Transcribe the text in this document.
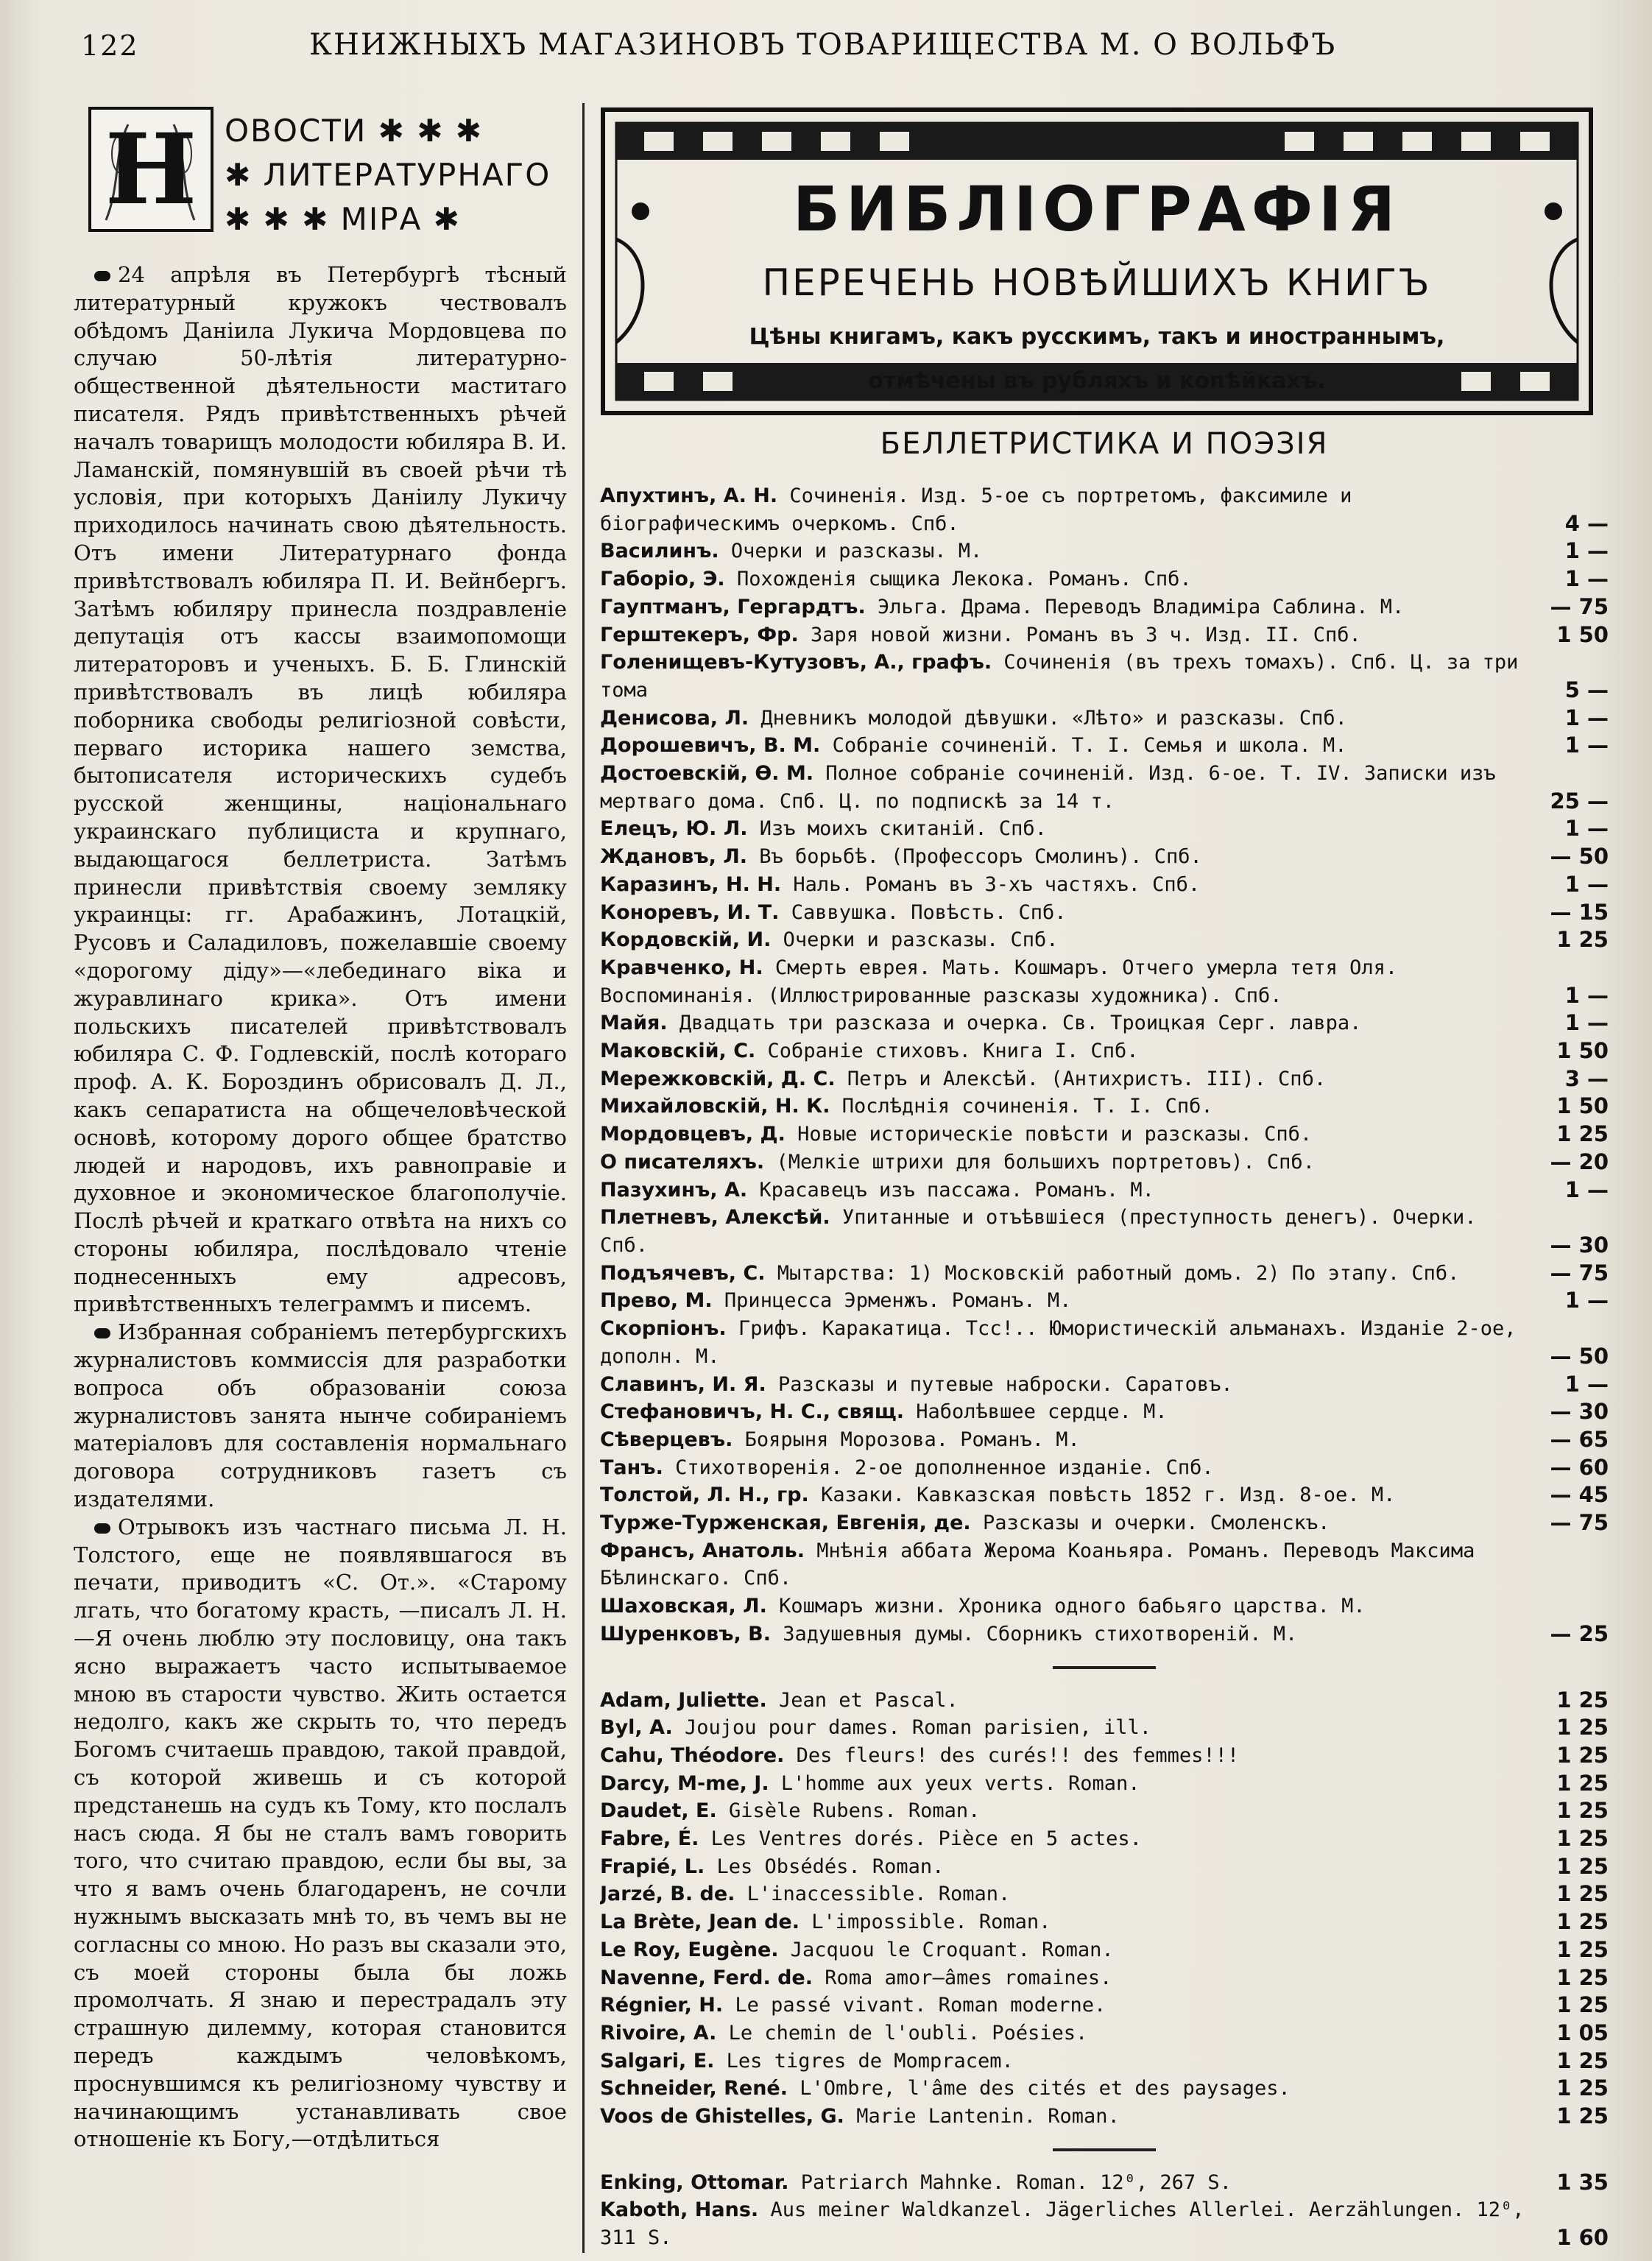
122	КНИЖНЫХЪ МАГАЗИНОВЪ ТОВАРИЩЕСТВА М. О ВОЛЬФЪ
Н ОВОСТИ ✱ ✱ ✱
✱ ЛИТЕРАТУРНАГО
✱ ✱ ✱ МІРА ✱

24 апрѣля въ Петербургѣ тѣсный литературный кружокъ чествовалъ обѣдомъ Даніила Лукича Мордовцева по случаю 50-лѣтія литературно-общественной дѣятельности маститаго писателя. Рядъ привѣтственныхъ рѣчей началъ товарищъ молодости юбиляра В. И. Ламанскій, помянувшій въ своей рѣчи тѣ условія, при которыхъ Даніилу Лукичу приходилось начинать свою дѣятельность. Отъ имени Литературнаго фонда привѣтствовалъ юбиляра П. И. Вейнбергъ. Затѣмъ юбиляру принесла поздравленіе депутація отъ кассы взаимопомощи литераторовъ и ученыхъ. Б. Б. Глинскій привѣтствовалъ въ лицѣ юбиляра поборника свободы религіозной совѣсти, перваго историка нашего земства, бытописателя историческихъ судебъ русской женщины, національнаго украинскаго публициста и крупнаго, выдающагося беллетриста. Затѣмъ принесли привѣтствія своему земляку украинцы: гг. Арабажинъ, Лотацкій, Русовъ и Саладиловъ, пожелавшіе своему «дорогому діду»—«лебединаго віка и журавлинаго крика». Отъ имени польскихъ писателей привѣтствовалъ юбиляра С. Ф. Годлевскій, послѣ котораго проф. А. К. Бороздинъ обрисовалъ Д. Л., какъ сепаратиста на общечеловѣческой основѣ, которому дорого общее братство людей и народовъ, ихъ равноправіе и духовное и экономическое благополучіе. Послѣ рѣчей и краткаго отвѣта на нихъ со стороны юбиляра, послѣдовало чтеніе поднесенныхъ ему адресовъ, привѣтственныхъ телеграммъ и писемъ.

Избранная собраніемъ петербургскихъ журналистовъ коммиссія для разработки вопроса объ образованіи союза журналистовъ занята нынче собираніемъ матеріаловъ для составленія нормальнаго договора сотрудниковъ газетъ съ издателями.

Отрывокъ изъ частнаго письма Л. Н. Толстого, еще не появлявшагося въ печати, приводитъ «С. От.». «Старому лгать, что богатому красть, —писалъ Л. Н.—Я очень люблю эту пословицу, она такъ ясно выражаетъ часто испытываемое мною въ старости чувство. Жить остается недолго, какъ же скрыть то, что передъ Богомъ считаешь правдою, такой правдой, съ которой живешь и съ которой предстанешь на судъ къ Тому, кто послалъ насъ сюда. Я бы не сталъ вамъ говорить того, что считаю правдою, если бы вы, за что я вамъ очень благодаренъ, не сочли нужнымъ высказать мнѣ то, въ чемъ вы не согласны со мною. Но разъ вы сказали это, съ моей стороны была бы ложь промолчать. Я знаю и перестрадалъ эту страшную дилемму, которая становится передъ каждымъ человѣкомъ, проснувшимся къ религіозному чувству и начинающимъ устанавливать свое отношеніе къ Богу,—отдѣлиться

БИБЛІОГРАФІЯ
ПЕРЕЧЕНЬ НОВѢЙШИХЪ КНИГЪ
Цѣны книгамъ, какъ русскимъ, такъ и иностраннымъ,
отмѣчены въ рубляхъ и копѣйкахъ.
БЕЛЛЕТРИСТИКА И ПОЭЗІЯ
Апухтинъ, А. Н. Сочиненія. Изд. 5-ое съ портретомъ, факсимиле и біографическимъ очеркомъ. Спб.	4 —
Василинъ. Очерки и разсказы. М.	1 —
Габоріо, Э. Похожденія сыщика Лекока. Романъ. Спб.	1 —
Гауптманъ, Гергардтъ. Эльга. Драма. Переводъ Владиміра Саблина. М.	— 75
Герштекеръ, Фр. Заря новой жизни. Романъ въ 3 ч. Изд. II. Спб.	1 50
Голенищевъ-Кутузовъ, А., графъ. Сочиненія (въ трехъ томахъ). Спб. Ц. за три тома	5 —
Денисова, Л. Дневникъ молодой дѣвушки. «Лѣто» и разсказы. Спб.	1 —
Дорошевичъ, В. М. Собраніе сочиненій. Т. I. Семья и школа. М.	1 —
Достоевскій, Ѳ. М. Полное собраніе сочиненій. Изд. 6-ое. Т. IV. Записки изъ мертваго дома. Спб. Ц. по подпискѣ за 14 т.	25 —
Елецъ, Ю. Л. Изъ моихъ скитаній. Спб.	1 —
Ждановъ, Л. Въ борьбѣ. (Профессоръ Смолинъ). Спб.	— 50
Каразинъ, Н. Н. Наль. Романъ въ 3-хъ частяхъ. Спб.	1 —
Коноревъ, И. Т. Саввушка. Повѣсть. Спб.	— 15
Кордовскій, И. Очерки и разсказы. Спб.	1 25
Кравченко, Н. Смерть еврея. Мать. Кошмаръ. Отчего умерла тетя Оля. Воспоминанія. (Иллюстрированные разсказы художника). Спб.	1 —
Майя. Двадцать три разсказа и очерка. Св. Троицкая Серг. лавра.	1 —
Маковскій, С. Собраніе стиховъ. Книга I. Спб.	1 50
Мережковскій, Д. С. Петръ и Алексѣй. (Антихристъ. III). Спб.	3 —
Михайловскій, Н. К. Послѣднія сочиненія. Т. I. Спб.	1 50
Мордовцевъ, Д. Новые историческіе повѣсти и разсказы. Спб.	1 25
О писателяхъ. (Мелкіе штрихи для большихъ портретовъ). Спб.	— 20
Пазухинъ, А. Красавецъ изъ пассажа. Романъ. М.	1 —
Плетневъ, Алексѣй. Упитанные и отъѣвшіеся (преступность денегъ). Очерки. Спб.	— 30
Подъячевъ, С. Мытарства: 1) Московскій работный домъ. 2) По этапу. Спб.	— 75
Прево, М. Принцесса Эрменжъ. Романъ. М.	1 —
Скорпіонъ. Грифъ. Каракатица. Тсс!.. Юмористическій альманахъ. Изданіе 2-ое, дополн. М.	— 50
Славинъ, И. Я. Разсказы и путевые наброски. Саратовъ.	1 —
Стефановичъ, Н. С., свящ. Наболѣвшее сердце. М.	— 30
Сѣверцевъ. Боярыня Морозова. Романъ. М.	— 65
Танъ. Стихотворенія. 2-ое дополненное изданіе. Спб.	— 60
Толстой, Л. Н., гр. Казаки. Кавказская повѣсть 1852 г. Изд. 8-ое. М.	— 45
Турже-Турженская, Евгенія, де. Разсказы и очерки. Смоленскъ.	— 75
Франсъ, Анатоль. Мнѣнія аббата Жерома Коаньяра. Романъ. Переводъ Максима Бѣлинскаго. Спб.
Шаховская, Л. Кошмаръ жизни. Хроника одного бабьяго царства. М.
Шуренковъ, В. Задушевныя думы. Сборникъ стихотвореній. М.	— 25
Adam, Juliette. Jean et Pascal.	1 25
Byl, A. Joujou pour dames. Roman parisien, ill.	1 25
Cahu, Théodore. Des fleurs! des curés!! des femmes!!!	1 25
Darcy, M-me, J. L'homme aux yeux verts. Roman.	1 25
Daudet, E. Gisèle Rubens. Roman.	1 25
Fabre, É. Les Ventres dorés. Pièce en 5 actes.	1 25
Frapié, L. Les Obsédés. Roman.	1 25
Jarzé, B. de. L'inaccessible. Roman.	1 25
La Brète, Jean de. L'impossible. Roman.	1 25
Le Roy, Eugène. Jacquou le Croquant. Roman.	1 25
Navenne, Ferd. de. Roma amor—âmes romaines.	1 25
Régnier, H. Le passé vivant. Roman moderne.	1 25
Rivoire, A. Le chemin de l'oubli. Poésies.	1 05
Salgari, E. Les tigres de Mompracem.	1 25
Schneider, René. L'Ombre, l'âme des cités et des paysages.	1 25
Voos de Ghistelles, G. Marie Lantenin. Roman.	1 25
Enking, Ottomar. Patriarch Mahnke. Roman. 12⁰, 267 S.	1 35
Kaboth, Hans. Aus meiner Waldkanzel. Jägerliches Allerlei. Aerzählungen. 12⁰, 311 S.	1 60
